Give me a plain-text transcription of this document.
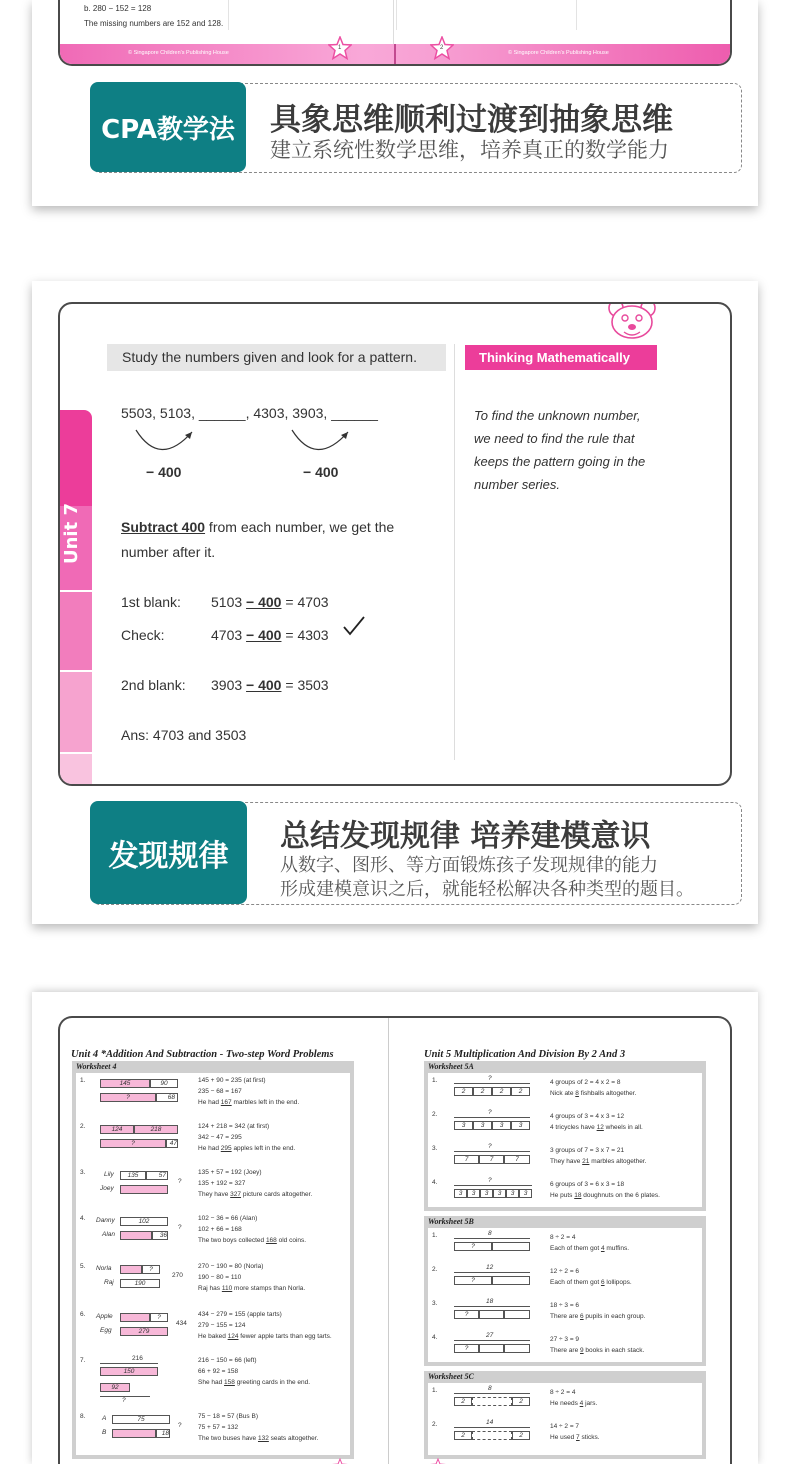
b. 280 − 152 = 128
The missing numbers are 152 and 128.
© Singapore Children's Publishing House	© Singapore Children's Publishing House
1	2
CPA教学法	具象思维顺利过渡到抽象思维
建立系统性数学思维，培养真正的数学能力
Unit 7
Study the numbers given and look for a pattern.	Thinking Mathematically
5503, 5103, ______, 4303, 3903, ______
− 400	− 400
To find the unknown number,
we need to find the rule that
keeps the pattern going in the
number series.
Subtract 400 from each number, we get the
number after it.
1st blank: 5103 − 400 = 4703
Check:	4703 − 400 = 4303
2nd blank: 3903 − 400 = 3503
Ans: 4703 and 3503
发现规律
总结发现规律 培养建模意识
从数字、图形、等方面锻炼孩子发现规律的能力
形成建模意识之后，就能轻松解决各种类型的题目。
Unit 4 *Addition And Subtraction - Two-step Word Problems
Worksheet 4
1.	145	90
?	68
145 + 90 = 235 (at first)
235 − 68 = 167
He had 167 marbles left in the end.
2.	124	218
?	47
124 + 218 = 342 (at first)
342 − 47 = 295
He had 295 apples left in the end.
3.	Lily	135	57
Joey
?
135 + 57 = 192 (Joey)
135 + 192 = 327
They have 327 picture cards altogether.
4. Danny	102
Alan	36
?
102 − 36 = 66 (Alan)
102 + 66 = 168
The two boys collected 168 old coins.
5. Norla	?
Raj	190
270
270 − 190 = 80 (Norla)
190 − 80 = 110
Raj has 110 more stamps than Norla.
6. Apple	?
Egg	279
434
434 − 279 = 155 (apple tarts)
279 − 155 = 124
He baked 124 fewer apple tarts than egg tarts.
7.	216
150
92
?
216 − 150 = 66 (left)
66 + 92 = 158
She had 158 greeting cards in the end.
8.	A	75
B	18
?
75 − 18 = 57 (Bus B)
75 + 57 = 132
The two buses have 132 seats altogether.
Unit 5 Multiplication And Division By 2 And 3
Worksheet 5A
1.	?
2	2	2	2
4 groups of 2 = 4 x 2 = 8
Nick ate 8 fishballs altogether.
2.	?
3	3	3	3
4 groups of 3 = 4 x 3 = 12
4 tricycles have 12 wheels in all.
3.	?
7	7	7
3 groups of 7 = 3 x 7 = 21
They have 21 marbles altogether.
4.	?
3	3	3	3	3	3
6 groups of 3 = 6 x 3 = 18
He puts 18 doughnuts on the 6 plates.
Worksheet 5B
1.	8
?
8 ÷ 2 = 4
Each of them got 4 muffins.
2.	12
?
12 ÷ 2 = 6
Each of them got 6 lollipops.
3.	18
?
18 ÷ 3 = 6
There are 6 pupils in each group.
4.	27
?
27 ÷ 3 = 9
There are 9 books in each stack.
Worksheet 5C
1.	8
2	2
8 ÷ 2 = 4
He needs 4 jars.
2.	14
2	2
14 ÷ 2 = 7
He used 7 sticks.
